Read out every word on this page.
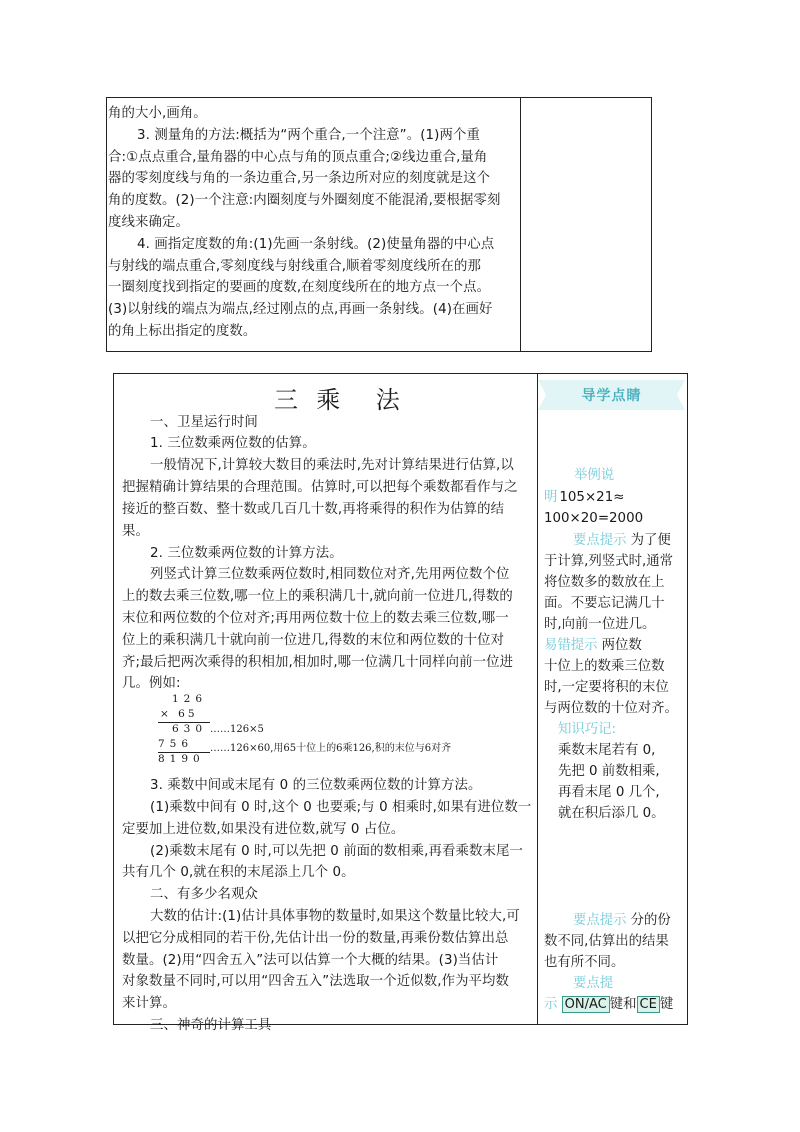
角的大小,画角。
3. 测量角的方法:概括为“两个重合,一个注意”。(1)两个重
合:①点点重合,量角器的中心点与角的顶点重合;②线边重合,量角
器的零刻度线与角的一条边重合,另一条边所对应的刻度就是这个
角的度数。(2)一个注意:内圈刻度与外圈刻度不能混淆,要根据零刻
度线来确定。
4. 画指定度数的角:(1)先画一条射线。(2)使量角器的中心点
与射线的端点重合,零刻度线与射线重合,顺着零刻度线所在的那
一圈刻度找到指定的要画的度数,在刻度线所在的地方点一个点。
(3)以射线的端点为端点,经过刚点的点,再画一条射线。(4)在画好
的角上标出指定的度数。
三  乘    法
一、卫星运行时间
1. 三位数乘两位数的估算。
一般情况下,计算较大数目的乘法时,先对计算结果进行估算,以
把握精确计算结果的合理范围。估算时,可以把每个乘数都看作与之
接近的整百数、整十数或几百几十数,再将乘得的积作为估算的结
果。
2. 三位数乘两位数的计算方法。
列竖式计算三位数乘两位数时,相同数位对齐,先用两位数个位
上的数去乘三位数,哪一位上的乘积满几十,就向前一位进几,得数的
末位和两位数的个位对齐;再用两位数十位上的数去乘三位数,哪一
位上的乘积满几十就向前一位进几,得数的末位和两位数的十位对
齐;最后把两次乘得的积相加,相加时,哪一位满几十同样向前一位进
几。例如:
126
× 65
630 ……126×5
756 ……126×60,用65十位上的6乘126,积的末位与6对齐
8190
3. 乘数中间或末尾有 0 的三位数乘两位数的计算方法。
(1)乘数中间有 0 时,这个 0 也要乘;与 0 相乘时,如果有进位数一
定要加上进位数,如果没有进位数,就写 0 占位。
(2)乘数末尾有 0 时,可以先把 0 前面的数相乘,再看乘数末尾一
共有几个 0,就在积的末尾添上几个 0。
二、有多少名观众
大数的估计:(1)估计具体事物的数量时,如果这个数量比较大,可
以把它分成相同的若干份,先估计出一份的数量,再乘份数估算出总
数量。(2)用“四舍五入”法可以估算一个大概的结果。(3)当估计
对象数量不同时,可以用“四舍五入”法选取一个近似数,作为平均数
来计算。
三、神奇的计算工具
导学点睛
举例说
明 105×21≈
100×20=2000
要点提示 为了便
于计算,列竖式时,通常
将位数多的数放在上
面。不要忘记满几十
时,向前一位进几。
易错提示 两位数
十位上的数乘三位数
时,一定要将积的末位
与两位数的十位对齐。
知识巧记:
乘数末尾若有 0,
先把 0 前数相乘,
再看末尾 0 几个,
就在积后添几 0。
要点提示 分的份
数不同,估算出的结果
也有所不同。
要点提
示 ON/AC 键和 CE 键
